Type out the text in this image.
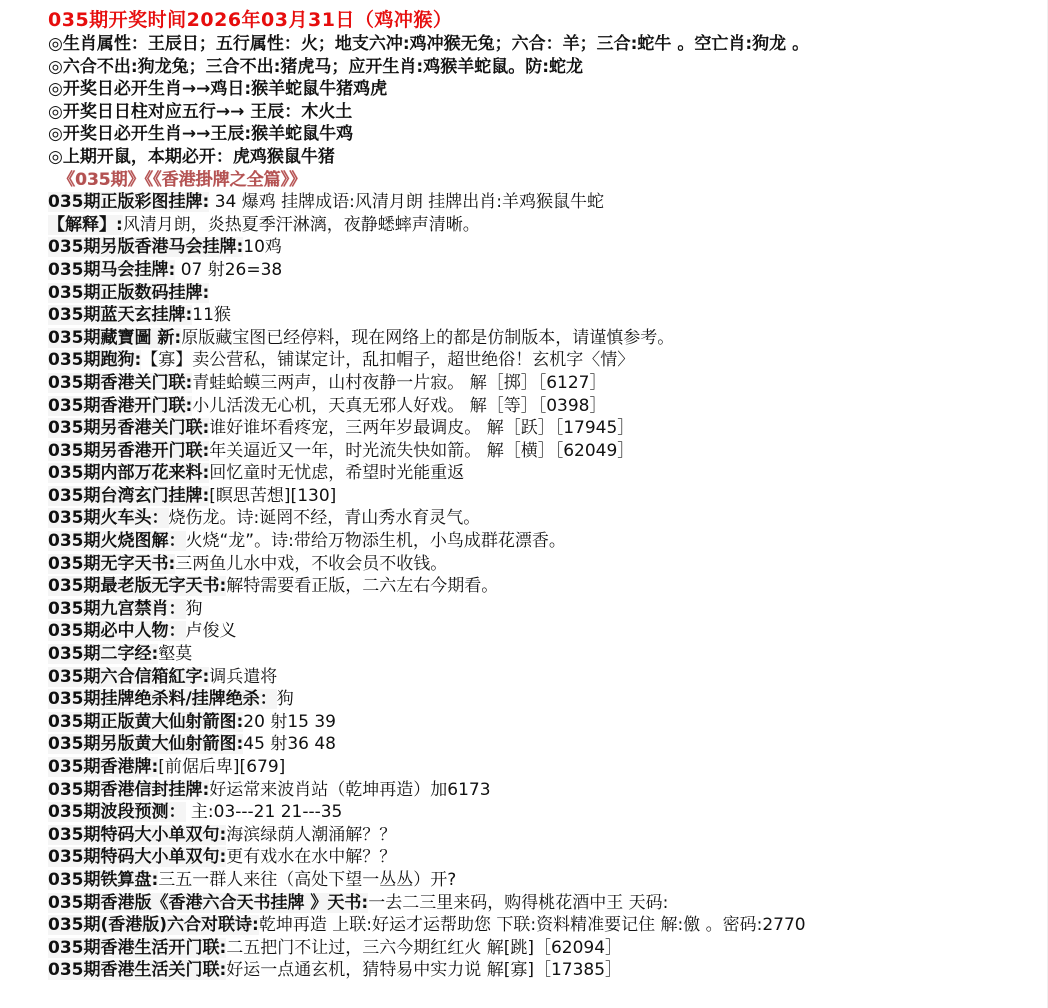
035期开奖时间2026年03月31日（鸡冲猴）
◎生肖属性：王辰日；五行属性：火；地支六冲:鸡冲猴无兔；六合：羊；三合:蛇牛 。空亡肖:狗龙 。
◎六合不出:狗龙兔；三合不出:猪虎马；应开生肖:鸡猴羊蛇鼠。防:蛇龙
◎开奖日必开生肖→→鸡日:猴羊蛇鼠牛猪鸡虎
◎开奖日日柱对应五行→→ 王辰：木火土
◎开奖日必开生肖→→王辰:猴羊蛇鼠牛鸡
◎上期开鼠，本期必开：虎鸡猴鼠牛猪
《035期》《《香港掛牌之全篇》》
035期正版彩图挂牌: 34 爆鸡 挂牌成语:风清月朗 挂牌出肖:羊鸡猴鼠牛蛇
【解释】:风清月朗，炎热夏季汗淋漓，夜静蟋蟀声清晰。
035期另版香港马会挂牌:10鸡
035期马会挂牌: 07 射26=38
035期正版数码挂牌:
035期蓝天玄挂牌:11猴
035期藏寶圖 新:原版藏宝图已经停料，现在网络上的都是仿制版本，请谨慎参考。
035期跑狗:【寡】卖公营私，铺谋定计，乱扣帽子，超世绝俗！玄机字〈情〉
035期香港关门联:青蛙蛤蟆三两声，山村夜静一片寂。 解［掷］［6127］
035期香港开门联:小儿活泼无心机，天真无邪人好戏。 解［等］［0398］
035期另香港关门联:谁好谁坏看疼宠，三两年岁最调皮。 解［跃］［17945］
035期另香港开门联:年关逼近又一年，时光流失快如箭。 解［横］［62049］
035期内部万花来料:回忆童时无忧虑，希望时光能重返
035期台湾玄门挂牌:[瞑思苦想][130]
035期火车头：烧伤龙。诗:诞罔不经，青山秀水育灵气。
035期火烧图解：火烧“龙”。诗:带给万物添生机，小鸟成群花漂香。
035期无字天书:三两鱼儿水中戏，不收会员不收钱。
035期最老版无字天书:解特需要看正版，二六左右今期看。
035期九宫禁肖：狗
035期必中人物：卢俊义
035期二字经:壑莫
035期六合信箱紅字:调兵遣将
035期挂牌绝杀料/挂牌绝杀：狗
035期正版黄大仙射箭图:20 射15 39
035期另版黄大仙射箭图:45 射36 48
035期香港牌:[前倨后卑][679]
035期香港信封挂牌:好运常来波肖站（乾坤再造）加6173
035期波段预测： 主:03---21 21---35
035期特码大小单双句:海滨绿荫人潮涌解？？
035期特码大小单双句:更有戏水在水中解？？
035期铁算盘:三五一群人来往（高处下望一丛丛）开?
035期香港版《香港六合天书挂牌 》天书:一去二三里来码，购得桃花酒中王 天码:
035期(香港版)六合对联诗:乾坤再造 上联:好运才运帮助您 下联:资料精准要记住 解:儌 。密码:2770
035期香港生活开门联:二五把门不让过，三六今期红红火 解[跳]［62094］
035期香港生活关门联:好运一点通玄机，猜特易中实力说 解[寡]［17385］
